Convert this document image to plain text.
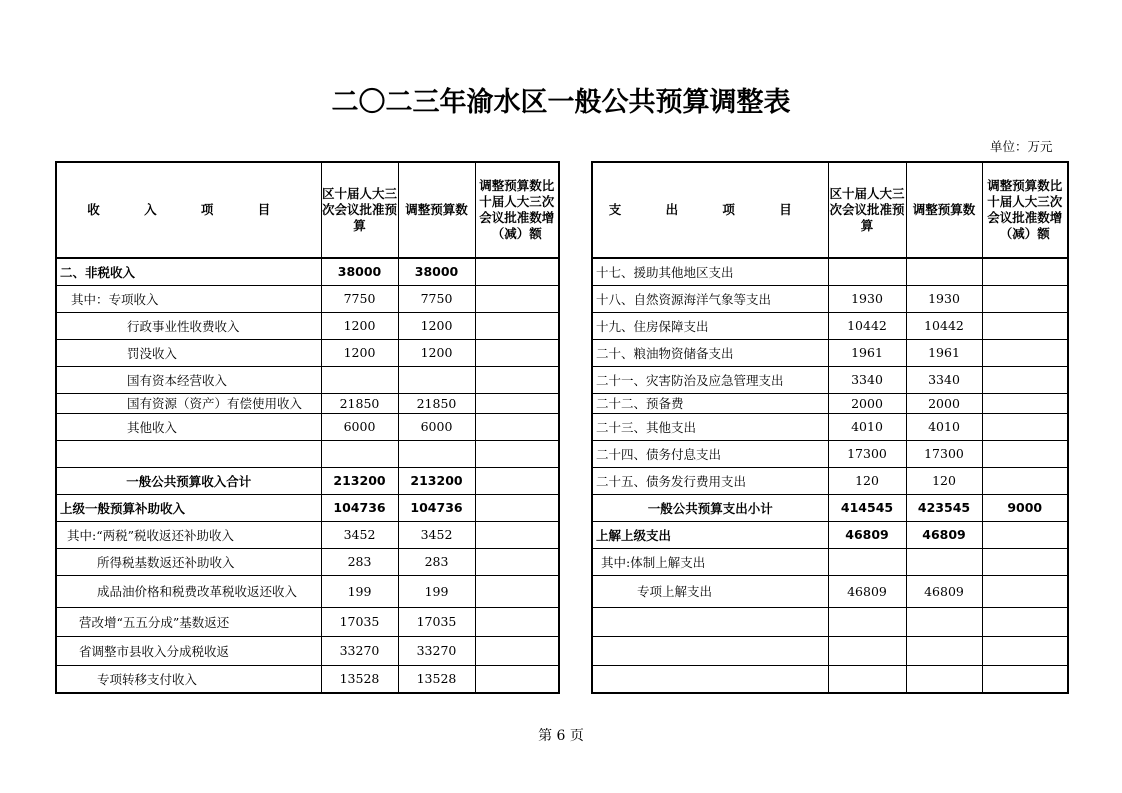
二〇二三年渝水区一般公共预算调整表
单位：万元
收 入 项 目	区十届人大三次会议批准预算	调整预算数	调整预算数比十届人大三次会议批准数增（减）额
二、非税收入	38000	38000	
其中：专项收入	7750	7750	
行政事业性收费收入	1200	1200	
罚没收入	1200	1200	
国有资本经营收入			
国有资源（资产）有偿使用收入	21850	21850	
其他收入	6000	6000	

一般公共预算收入合计	213200	213200	
上级一般预算补助收入	104736	104736	
其中:“两税”税收返还补助收入	3452	3452	
所得税基数返还补助收入	283	283	
成品油价格和税费改革税收返还收入	199	199	
营改增“五五分成”基数返还	17035	17035	
省调整市县收入分成税收返	33270	33270	
专项转移支付收入	13528	13528	
支 出 项 目	区十届人大三次会议批准预算	调整预算数	调整预算数比十届人大三次会议批准数增（减）额
十七、援助其他地区支出			
十八、自然资源海洋气象等支出	1930	1930	
十九、住房保障支出	10442	10442	
二十、粮油物资储备支出	1961	1961	
二十一、灾害防治及应急管理支出	3340	3340	
二十二、预备费	2000	2000	
二十三、其他支出	4010	4010	
二十四、债务付息支出	17300	17300	
二十五、债务发行费用支出	120	120	
一般公共预算支出小计	414545	423545	9000
上解上级支出	46809	46809	
其中:体制上解支出			
专项上解支出	46809	46809	

第 6 页
